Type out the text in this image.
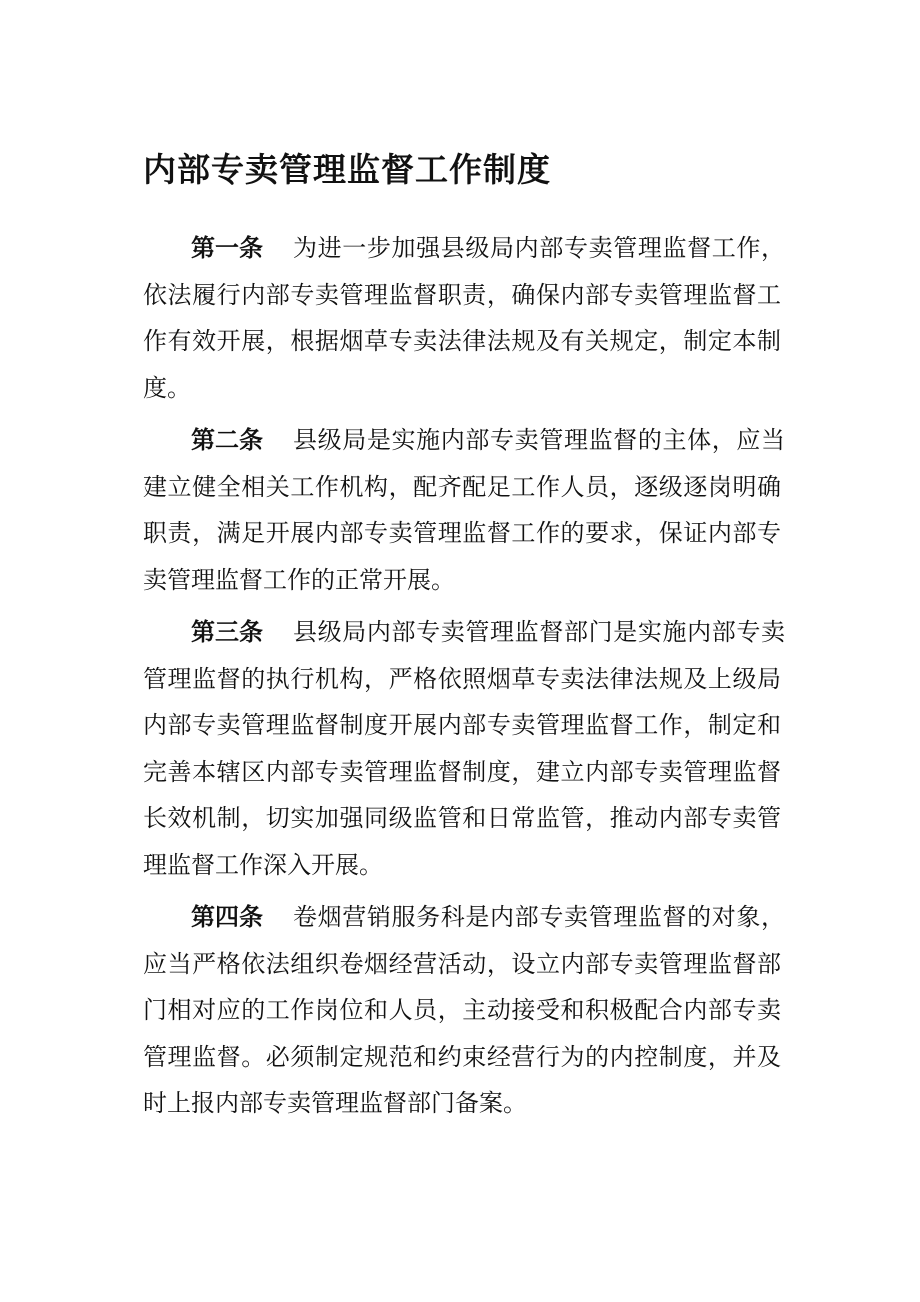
内部专卖管理监督工作制度
第一条 为进一步加强县级局内部专卖管理监督工作，
依法履行内部专卖管理监督职责，确保内部专卖管理监督工
作有效开展，根据烟草专卖法律法规及有关规定，制定本制
度。
第二条 县级局是实施内部专卖管理监督的主体，应当
建立健全相关工作机构，配齐配足工作人员，逐级逐岗明确
职责，满足开展内部专卖管理监督工作的要求，保证内部专
卖管理监督工作的正常开展。
第三条 县级局内部专卖管理监督部门是实施内部专卖
管理监督的执行机构，严格依照烟草专卖法律法规及上级局
内部专卖管理监督制度开展内部专卖管理监督工作，制定和
完善本辖区内部专卖管理监督制度，建立内部专卖管理监督
长效机制，切实加强同级监管和日常监管，推动内部专卖管
理监督工作深入开展。
第四条 卷烟营销服务科是内部专卖管理监督的对象，
应当严格依法组织卷烟经营活动，设立内部专卖管理监督部
门相对应的工作岗位和人员，主动接受和积极配合内部专卖
管理监督。必须制定规范和约束经营行为的内控制度，并及
时上报内部专卖管理监督部门备案。
